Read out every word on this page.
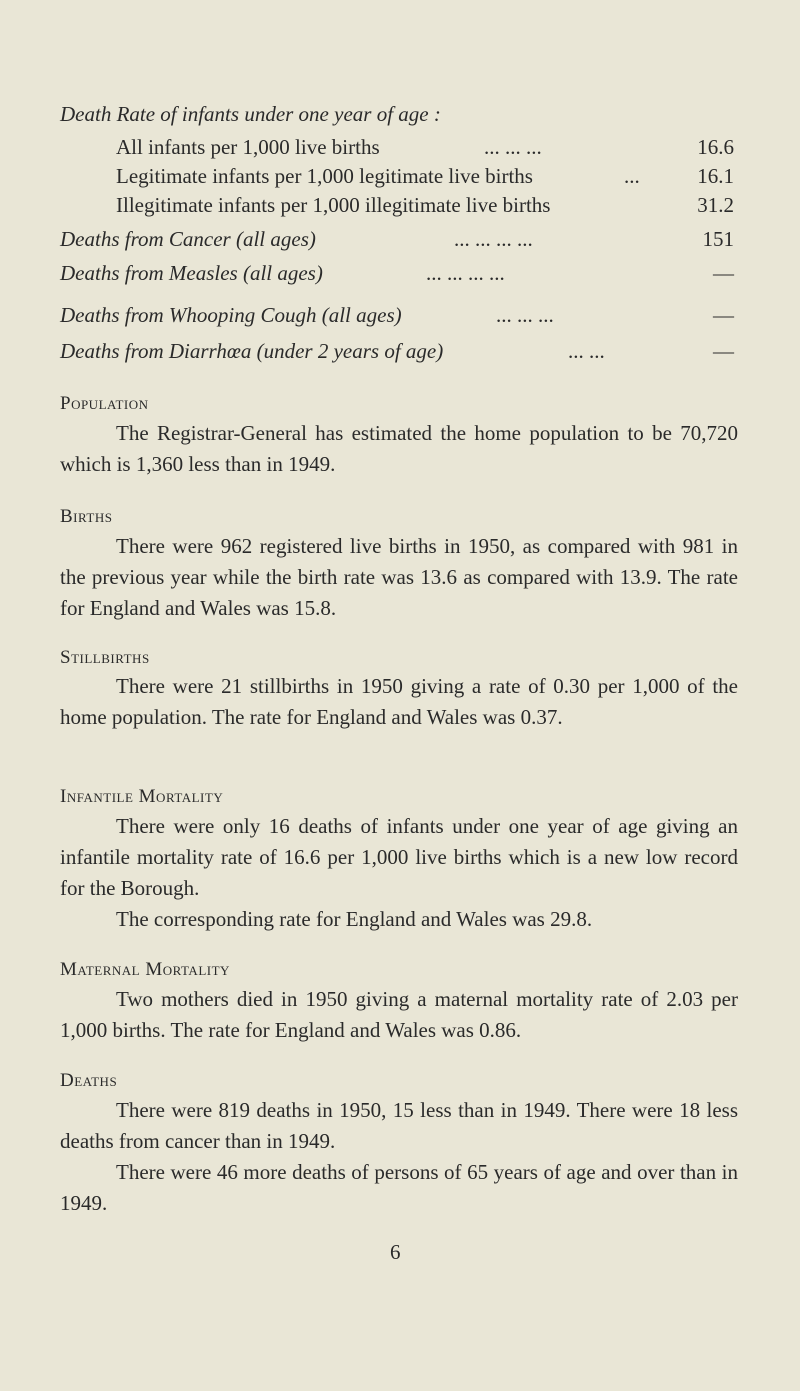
Death Rate of infants under one year of age :
All infants per 1,000 live births	... ... ...	16.6
Legitimate infants per 1,000 legitimate live births	...	16.1
Illegitimate infants per 1,000 illegitimate live births	31.2
Deaths from Cancer (all ages)	... ... ... ...	151
Deaths from Measles (all ages)	... ... ... ...	—
Deaths from Whooping Cough (all ages)	... ... ...	—
Deaths from Diarrhœa (under 2 years of age)	... ...	—
Population
The Registrar-General has estimated the home population to be 70,720 which is 1,360 less than in 1949.
Births
There were 962 registered live births in 1950, as compared with 981 in the previous year while the birth rate was 13.6 as compared with 13.9. The rate for England and Wales was 15.8.
Stillbirths
There were 21 stillbirths in 1950 giving a rate of 0.30 per 1,000 of the home population. The rate for England and Wales was 0.37.
Infantile Mortality
There were only 16 deaths of infants under one year of age giving an infantile mortality rate of 16.6 per 1,000 live births which is a new low record for the Borough.
The corresponding rate for England and Wales was 29.8.
Maternal Mortality
Two mothers died in 1950 giving a maternal mortality rate of 2.03 per 1,000 births. The rate for England and Wales was 0.86.
Deaths
There were 819 deaths in 1950, 15 less than in 1949. There were 18 less deaths from cancer than in 1949.
There were 46 more deaths of persons of 65 years of age and over than in 1949.
6
